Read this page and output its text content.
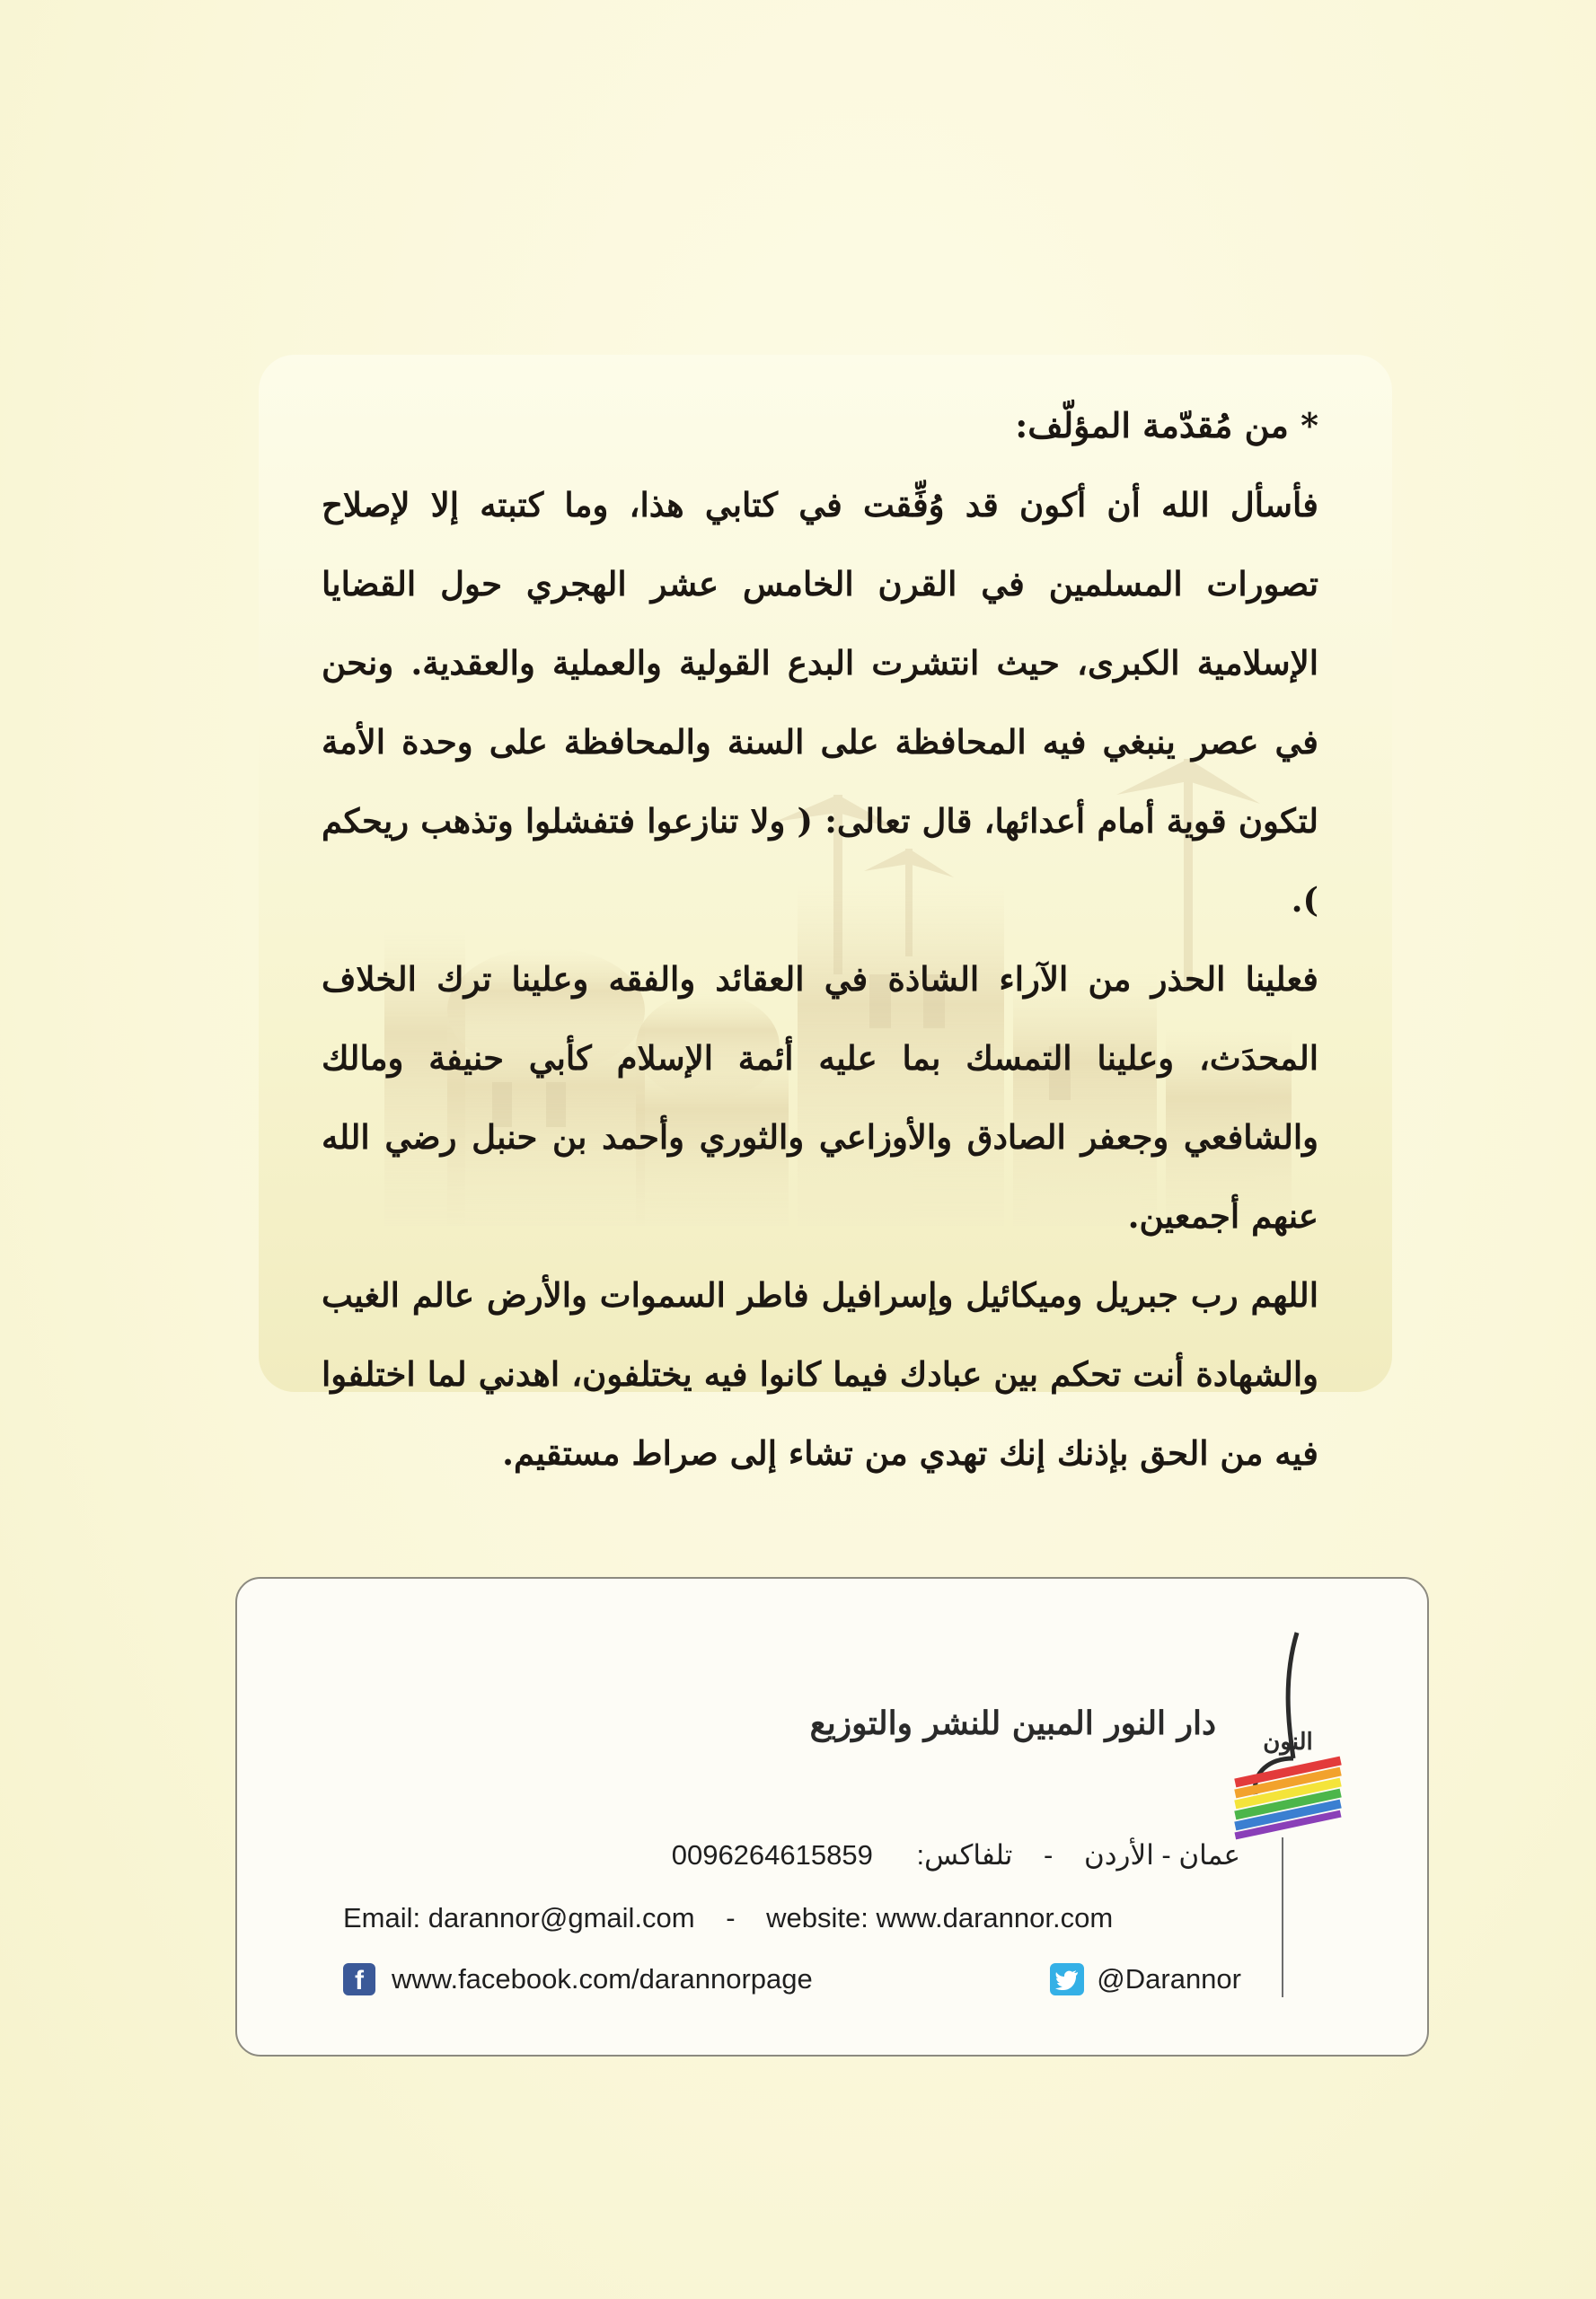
* من مُقدّمة المؤلّف:

فأسأل الله أن أكون قد وُفِّقت في كتابي هذا، وما كتبته إلا لإصلاح تصورات المسلمين في القرن الخامس عشر الهجري حول القضايا الإسلامية الكبرى، حيث انتشرت البدع القولية والعملية والعقدية. ونحن في عصر ينبغي فيه المحافظة على السنة والمحافظة على وحدة الأمة لتكون قوية أمام أعدائها، قال تعالى: ( ولا تنازعوا فتفشلوا وتذهب ريحكم ).

فعلينا الحذر من الآراء الشاذة في العقائد والفقه وعلينا ترك الخلاف المحدَث، وعلينا التمسك بما عليه أئمة الإسلام كأبي حنيفة ومالك والشافعي وجعفر الصادق والأوزاعي والثوري وأحمد بن حنبل رضي الله عنهم أجمعين.

اللهم رب جبريل وميكائيل وإسرافيل فاطر السموات والأرض عالم الغيب والشهادة أنت تحكم بين عبادك فيما كانوا فيه يختلفون، اهدني لما اختلفوا فيه من الحق بإذنك إنك تهدي من تشاء إلى صراط مستقيم.

النون
دار النور المبين للنشر والتوزيع
عمان - الأردن - تلفاكس: 0096264615859
Email: darannor@gmail.com - website: www.darannor.com
f	www.facebook.com/darannorpage	@Darannor
